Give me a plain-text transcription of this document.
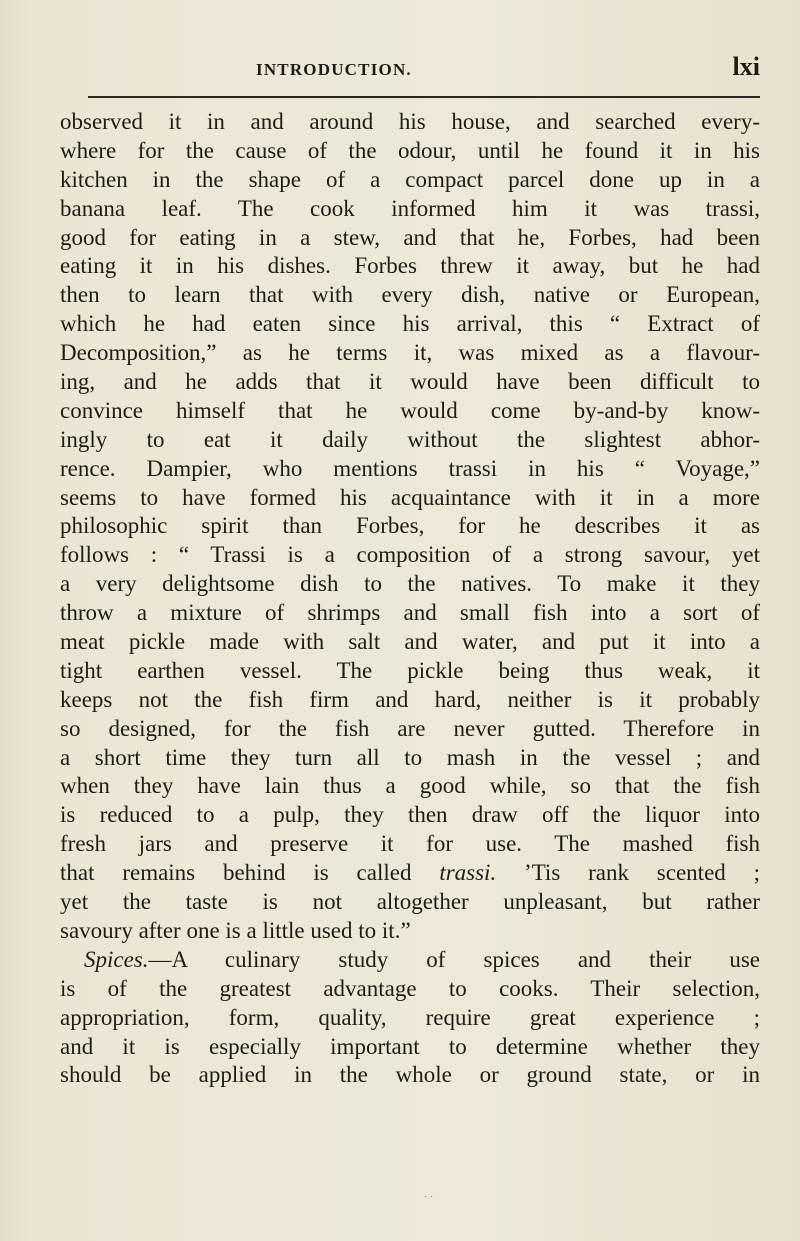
INTRODUCTION.	lxi
observed it in and around his house, and searched every-
where for the cause of the odour, until he found it in his
kitchen in the shape of a compact parcel done up in a
banana leaf. The cook informed him it was trassi,
good for eating in a stew, and that he, Forbes, had been
eating it in his dishes. Forbes threw it away, but he had
then to learn that with every dish, native or European,
which he had eaten since his arrival, this “ Extract of
Decomposition,” as he terms it, was mixed as a flavour-
ing, and he adds that it would have been difficult to
convince himself that he would come by-and-by know-
ingly to eat it daily without the slightest abhor-
rence. Dampier, who mentions trassi in his “ Voyage,”
seems to have formed his acquaintance with it in a more
philosophic spirit than Forbes, for he describes it as
follows : “ Trassi is a composition of a strong savour, yet
a very delightsome dish to the natives. To make it they
throw a mixture of shrimps and small fish into a sort of
meat pickle made with salt and water, and put it into a
tight earthen vessel. The pickle being thus weak, it
keeps not the fish firm and hard, neither is it probably
so designed, for the fish are never gutted. Therefore in
a short time they turn all to mash in the vessel ; and
when they have lain thus a good while, so that the fish
is reduced to a pulp, they then draw off the liquor into
fresh jars and preserve it for use. The mashed fish
that remains behind is called trassi. ’Tis rank scented ;
yet the taste is not altogether unpleasant, but rather
savoury after one is a little used to it.”
Spices.—A culinary study of spices and their use
is of the greatest advantage to cooks. Their selection,
appropriation, form, quality, require great experience ;
and it is especially important to determine whether they
should be applied in the whole or ground state, or in
· ·
